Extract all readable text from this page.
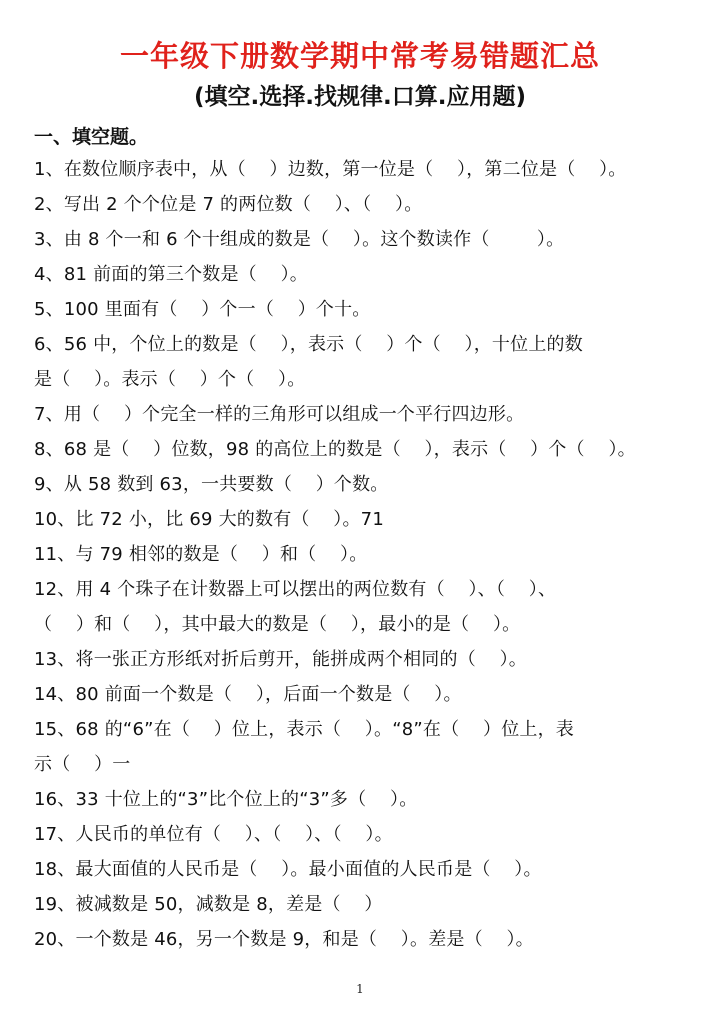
一年级下册数学期中常考易错题汇总
(填空.选择.找规律.口算.应用题)
一、填空题。

1、在数位顺序表中，从（    ）边数，第一位是（    ），第二位是（    ）。

2、写出 2 个个位是 7 的两位数（    ）、（    ）。

3、由 8 个一和 6 个十组成的数是（    ）。这个数读作（        ）。

4、81 前面的第三个数是（    ）。

5、100 里面有（    ）个一（    ）个十。

6、56 中，个位上的数是（    ），表示（    ）个（    ），十位上的数

是（    ）。表示（    ）个（    ）。

7、用（    ）个完全一样的三角形可以组成一个平行四边形。

8、68 是（    ）位数，98 的高位上的数是（    ），表示（    ）个（    ）。

9、从 58 数到 63，一共要数（    ）个数。

10、比 72 小，比 69 大的数有（    ）。71

11、与 79 相邻的数是（    ）和（    ）。

12、用 4 个珠子在计数器上可以摆出的两位数有（    ）、（    ）、

（    ）和（    ），其中最大的数是（    ），最小的是（    ）。

13、将一张正方形纸对折后剪开，能拼成两个相同的（    ）。

14、80 前面一个数是（    ），后面一个数是（    ）。

15、68 的“6”在（    ）位上，表示（    ）。“8”在（    ）位上，表

示（    ）一

16、33 十位上的“3”比个位上的“3”多（    ）。

17、人民币的单位有（    ）、（    ）、（    ）。

18、最大面值的人民币是（    ）。最小面值的人民币是（    ）。

19、被减数是 50，减数是 8，差是（    ）

20、一个数是 46，另一个数是 9，和是（    ）。差是（    ）。

1
